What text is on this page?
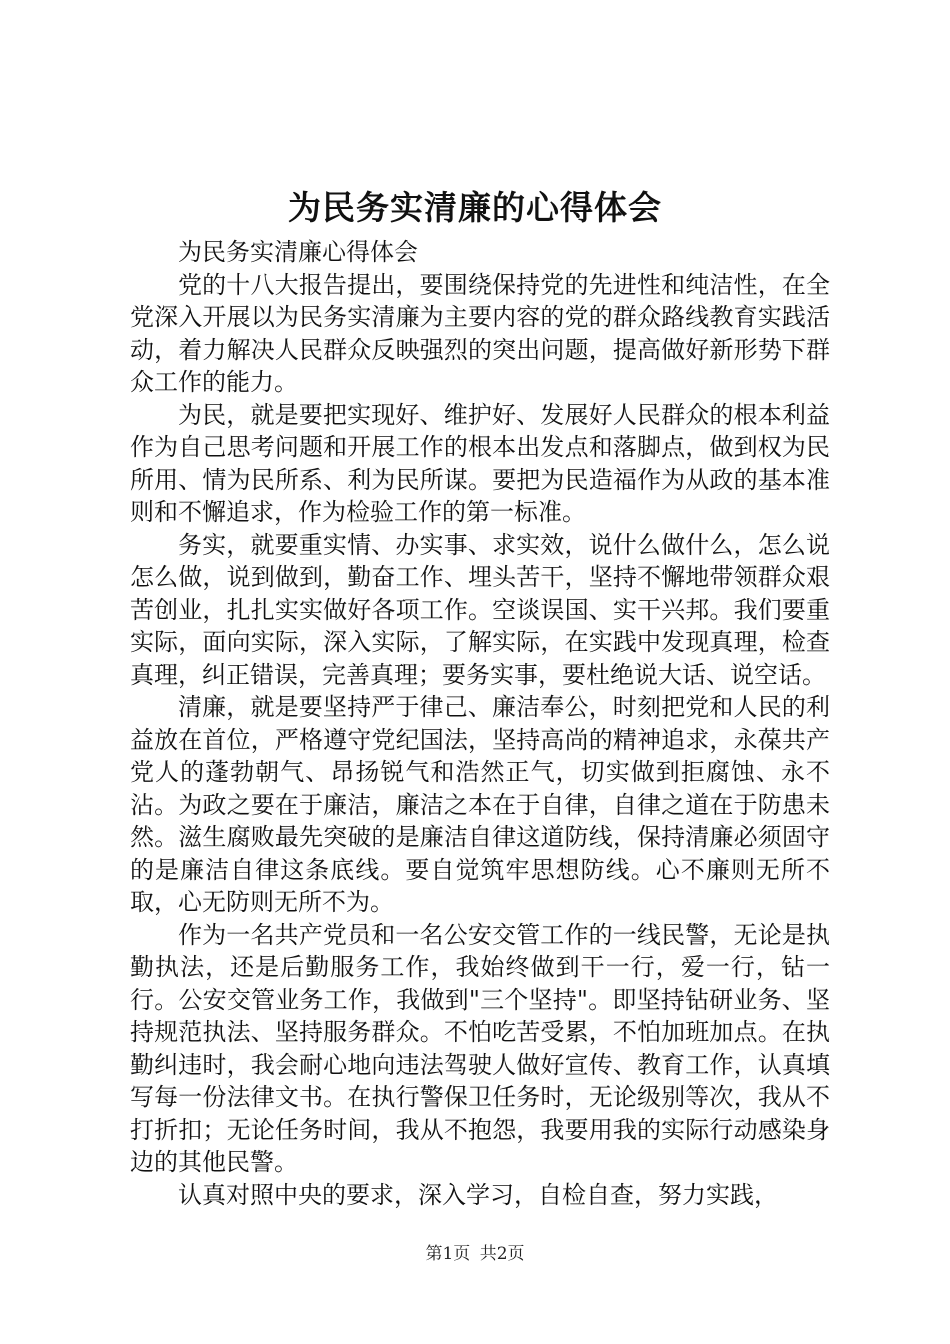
为民务实清廉的心得体会

为民务实清廉心得体会

党的十八大报告提出，要围绕保持党的先进性和纯洁性，在全党深入开展以为民务实清廉为主要内容的党的群众路线教育实践活动，着力解决人民群众反映强烈的突出问题，提高做好新形势下群众工作的能力。

为民，就是要把实现好、维护好、发展好人民群众的根本利益作为自己思考问题和开展工作的根本出发点和落脚点，做到权为民所用、情为民所系、利为民所谋。要把为民造福作为从政的基本准则和不懈追求，作为检验工作的第一标准。

务实，就要重实情、办实事、求实效，说什么做什么，怎么说怎么做，说到做到，勤奋工作、埋头苦干，坚持不懈地带领群众艰苦创业，扎扎实实做好各项工作。空谈误国、实干兴邦。我们要重实际，面向实际，深入实际，了解实际，在实践中发现真理，检查真理，纠正错误，完善真理；要务实事，要杜绝说大话、说空话。

清廉，就是要坚持严于律己、廉洁奉公，时刻把党和人民的利益放在首位，严格遵守党纪国法，坚持高尚的精神追求，永葆共产党人的蓬勃朝气、昂扬锐气和浩然正气，切实做到拒腐蚀、永不沾。为政之要在于廉洁，廉洁之本在于自律，自律之道在于防患未然。滋生腐败最先突破的是廉洁自律这道防线，保持清廉必须固守的是廉洁自律这条底线。要自觉筑牢思想防线。心不廉则无所不取，心无防则无所不为。

作为一名共产党员和一名公安交管工作的一线民警，无论是执勤执法，还是后勤服务工作，我始终做到干一行，爱一行，钻一行。公安交管业务工作，我做到"三个坚持"。即坚持钻研业务、坚持规范执法、坚持服务群众。不怕吃苦受累，不怕加班加点。在执勤纠违时，我会耐心地向违法驾驶人做好宣传、教育工作，认真填写每一份法律文书。在执行警保卫任务时，无论级别等次，我从不打折扣；无论任务时间，我从不抱怨，我要用我的实际行动感染身边的其他民警。

认真对照中央的要求，深入学习，自检自查，努力实践，

第1页 共2页
